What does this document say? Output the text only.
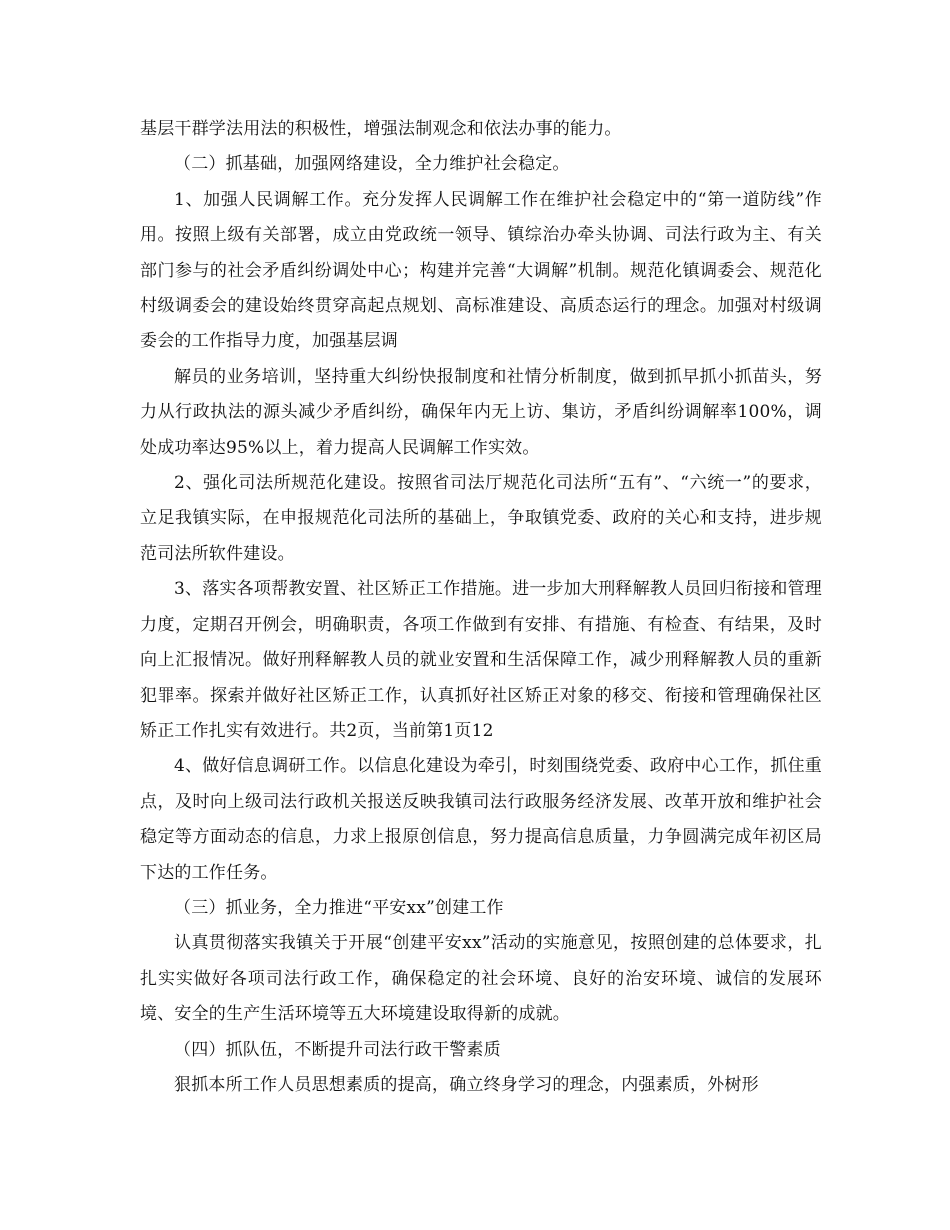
基层干群学法用法的积极性，增强法制观念和依法办事的能力。

（二）抓基础，加强网络建设，全力维护社会稳定。

1、加强人民调解工作。充分发挥人民调解工作在维护社会稳定中的“第一道防线”作用。按照上级有关部署，成立由党政统一领导、镇综治办牵头协调、司法行政为主、有关部门参与的社会矛盾纠纷调处中心；构建并完善“大调解”机制。规范化镇调委会、规范化村级调委会的建设始终贯穿高起点规划、高标准建设、高质态运行的理念。加强对村级调委会的工作指导力度，加强基层调

解员的业务培训，坚持重大纠纷快报制度和社情分析制度，做到抓早抓小抓苗头，努力从行政执法的源头减少矛盾纠纷，确保年内无上访、集访，矛盾纠纷调解率100%，调处成功率达95%以上，着力提高人民调解工作实效。

2、强化司法所规范化建设。按照省司法厅规范化司法所“五有”、“六统一”的要求，立足我镇实际，在申报规范化司法所的基础上，争取镇党委、政府的关心和支持，进步规范司法所软件建设。

3、落实各项帮教安置、社区矫正工作措施。进一步加大刑释解教人员回归衔接和管理力度，定期召开例会，明确职责，各项工作做到有安排、有措施、有检查、有结果，及时向上汇报情况。做好刑释解教人员的就业安置和生活保障工作，减少刑释解教人员的重新犯罪率。探索并做好社区矫正工作，认真抓好社区矫正对象的移交、衔接和管理确保社区矫正工作扎实有效进行。共2页，当前第1页12

4、做好信息调研工作。以信息化建设为牵引，时刻围绕党委、政府中心工作，抓住重点，及时向上级司法行政机关报送反映我镇司法行政服务经济发展、改革开放和维护社会稳定等方面动态的信息，力求上报原创信息，努力提高信息质量，力争圆满完成年初区局下达的工作任务。

（三）抓业务，全力推进“平安xx”创建工作

认真贯彻落实我镇关于开展“创建平安xx”活动的实施意见，按照创建的总体要求，扎扎实实做好各项司法行政工作，确保稳定的社会环境、良好的治安环境、诚信的发展环境、安全的生产生活环境等五大环境建设取得新的成就。

（四）抓队伍，不断提升司法行政干警素质

狠抓本所工作人员思想素质的提高，确立终身学习的理念，内强素质，外树形
